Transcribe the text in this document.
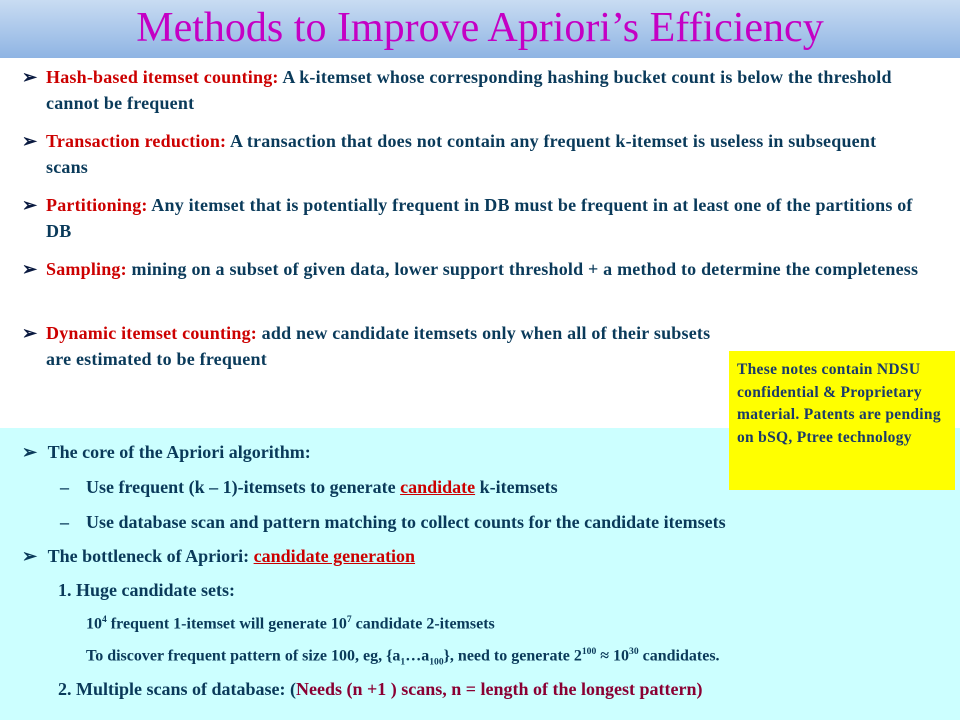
Methods to Improve Apriori’s Efficiency
➢ Hash-based itemset counting: A k-itemset whose corresponding hashing bucket count is below the threshold cannot be frequent
➢ Transaction reduction: A transaction that does not contain any frequent k-itemset is useless in subsequent scans
➢ Partitioning: Any itemset that is potentially frequent in DB must be frequent in at least one of the partitions of DB
➢ Sampling: mining on a subset of given data, lower support threshold + a method to determine the completeness
➢ Dynamic itemset counting: add new candidate itemsets only when all of their subsets are estimated to be frequent
These notes contain NDSU confidential & Proprietary material. Patents are pending on bSQ, Ptree technology
➢ The core of the Apriori algorithm:
– Use frequent (k – 1)-itemsets to generate candidate k-itemsets
– Use database scan and pattern matching to collect counts for the candidate itemsets
➢ The bottleneck of Apriori: candidate generation
1. Huge candidate sets:
$10^4$ frequent 1-itemset will generate $10^7$ candidate 2-itemsets
To discover frequent pattern of size 100, eg, $\{a_1\dots a_{100}\}$, need to generate $2^{100} \approx 10^{30}$ candidates.
2. Multiple scans of database: (Needs (n +1 ) scans, n = length of the longest pattern)
